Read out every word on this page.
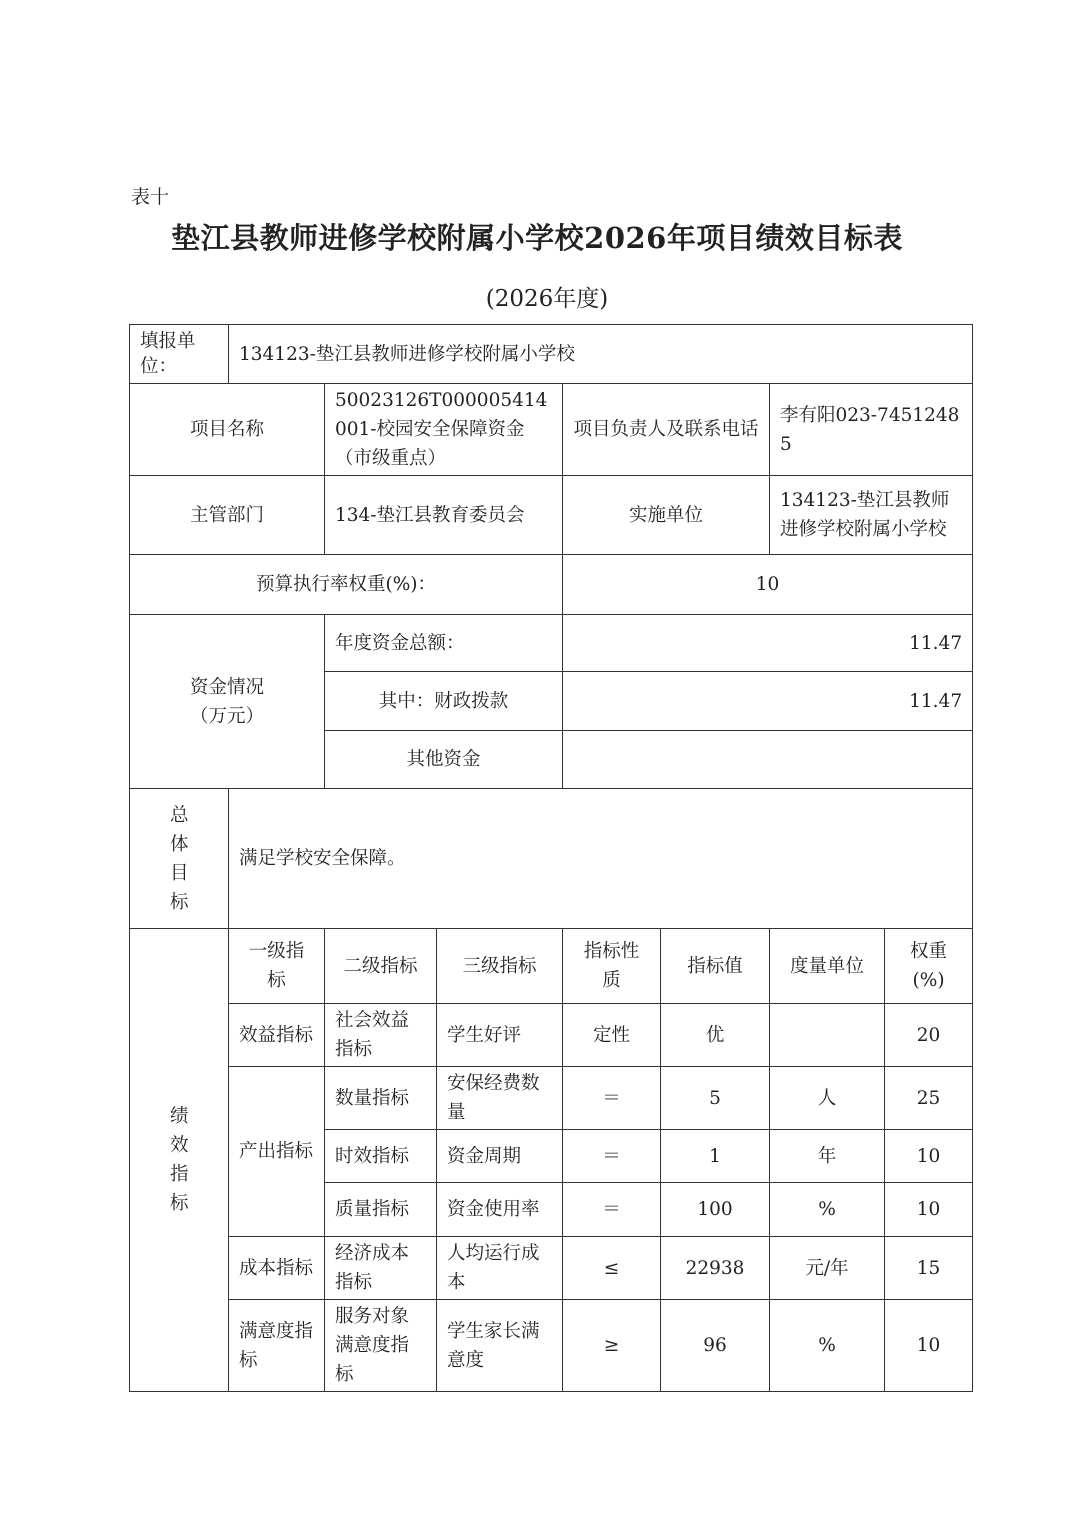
表十
垫江县教师进修学校附属小学校2026年项目绩效目标表
(2026年度)
填报单位：	134123-垫江县教师进修学校附属小学校						
项目名称		50023126T000005414001-校园安全保障资金（市级重点）		项目负责人及联系电话		李有阳023-74512485	
主管部门		134-垫江县教育委员会		实施单位		134123-垫江县教师进修学校附属小学校	
预算执行率权重(%)：				10			
资金情况（万元）		年度资金总额：		11.47			
		其中：财政拨款		11.47			
		其他资金					
总体目标	满足学校安全保障。						
绩效指标	一级指标	二级指标	三级指标	指标性质	指标值	度量单位	权重(%)
	效益指标	社会效益指标	学生好评	定性	优		20
	产出指标	数量指标	安保经费数量	＝	5	人	25
		时效指标	资金周期	＝	1	年	10
		质量指标	资金使用率	＝	100	%	10
	成本指标	经济成本指标	人均运行成本	≤	22938	元/年	15
	满意度指标	服务对象满意度指标	学生家长满意度	≥	96	%	10
